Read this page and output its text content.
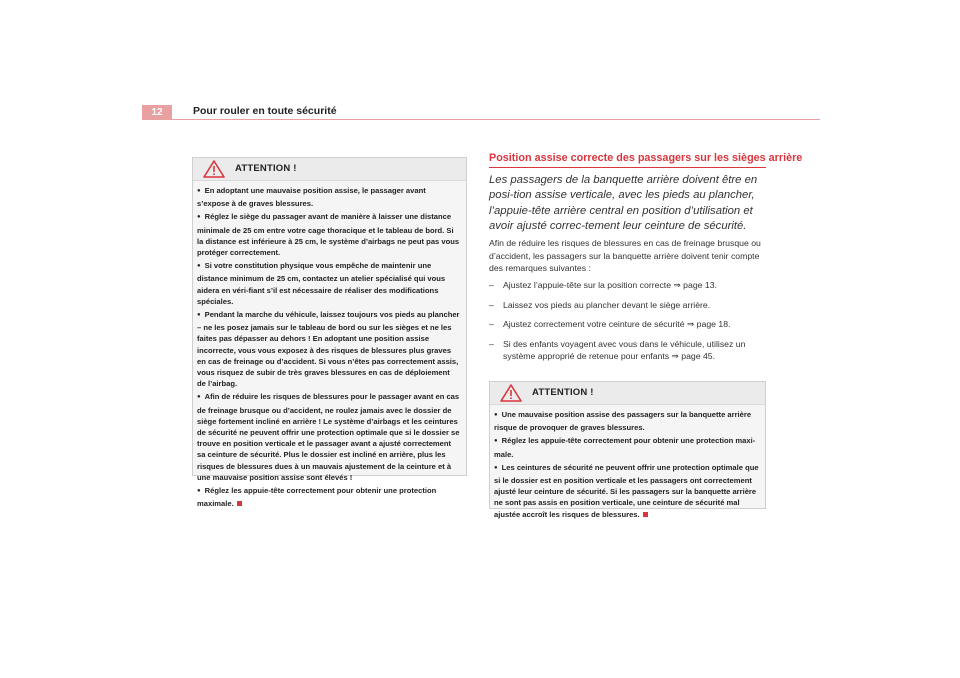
12	Pour rouler en toute sécurité
ATTENTION !

● En adoptant une mauvaise position assise, le passager avant s’expose à de graves blessures.

● Réglez le siège du passager avant de manière à laisser une distance minimale de 25 cm entre votre cage thoracique et le tableau de bord. Si la distance est inférieure à 25 cm, le système d’airbags ne peut pas vous protéger correctement.

● Si votre constitution physique vous empêche de maintenir une distance minimum de 25 cm, contactez un atelier spécialisé qui vous aidera en véri-fiant s’il est nécessaire de réaliser des modifications spéciales.

● Pendant la marche du véhicule, laissez toujours vos pieds au plancher – ne les posez jamais sur le tableau de bord ou sur les sièges et ne les faites pas dépasser au dehors ! En adoptant une position assise incorrecte, vous vous exposez à des risques de blessures plus graves en cas de freinage ou d’accident. Si vous n’êtes pas correctement assis, vous risquez de subir de très graves blessures en cas de déploiement de l’airbag.

● Afin de réduire les risques de blessures pour le passager avant en cas de freinage brusque ou d’accident, ne roulez jamais avec le dossier de siège fortement incliné en arrière ! Le système d’airbags et les ceintures de sécurité ne peuvent offrir une protection optimale que si le dossier se trouve en position verticale et le passager avant a ajusté correctement sa ceinture de sécurité. Plus le dossier est incliné en arrière, plus les risques de blessures dues à un mauvais ajustement de la ceinture et à une mauvaise position assise sont élevés !

● Réglez les appuie-tête correctement pour obtenir une protection maximale.

Position assise correcte des passagers sur les sièges arrière

Les passagers de la banquette arrière doivent être en posi-tion assise verticale, avec les pieds au plancher, l’appuie-tête arrière central en position d’utilisation et avoir ajusté correc-tement leur ceinture de sécurité.

Afin de réduire les risques de blessures en cas de freinage brusque ou d’accident, les passagers sur la banquette arrière doivent tenir compte des remarques suivantes :

– Ajustez l’appuie-tête sur la position correcte ⇒ page 13.
– Laissez vos pieds au plancher devant le siège arrière.
– Ajustez correctement votre ceinture de sécurité ⇒ page 18.
– Si des enfants voyagent avec vous dans le véhicule, utilisez un système approprié de retenue pour enfants ⇒ page 45.
ATTENTION !

● Une mauvaise position assise des passagers sur la banquette arrière risque de provoquer de graves blessures.

● Réglez les appuie-tête correctement pour obtenir une protection maxi-male.

● Les ceintures de sécurité ne peuvent offrir une protection optimale que si le dossier est en position verticale et les passagers ont correctement ajusté leur ceinture de sécurité. Si les passagers sur la banquette arrière ne sont pas assis en position verticale, une ceinture de sécurité mal ajustée accroît les risques de blessures.
